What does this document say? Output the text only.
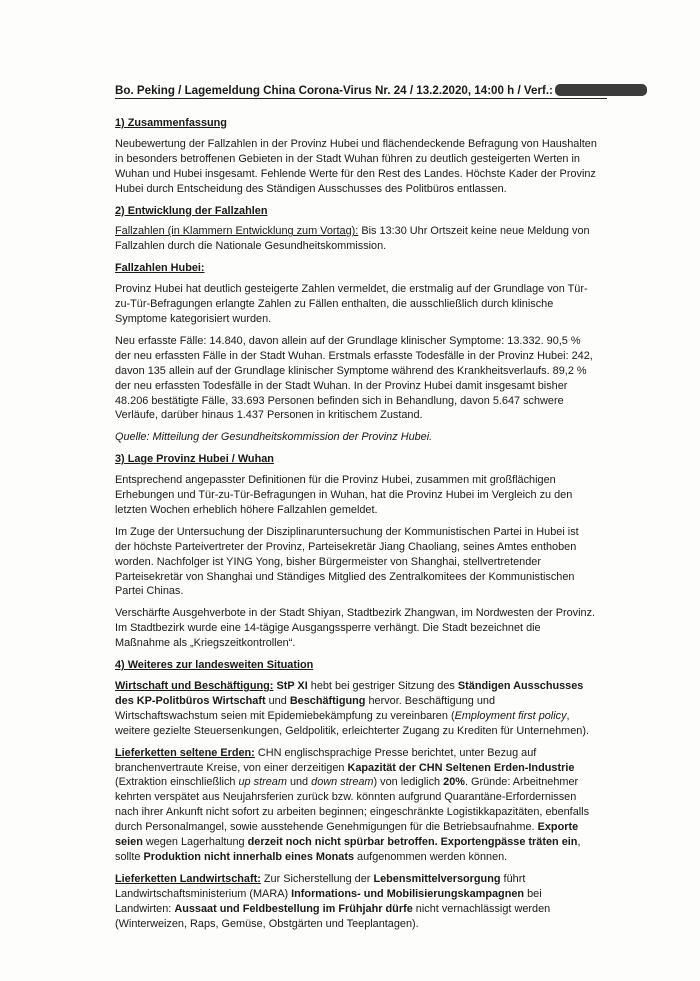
Bo. Peking / Lagemeldung China Corona-Virus Nr. 24 / 13.2.2020, 14:00 h / Verf.:
1) Zusammenfassung
Neubewertung der Fallzahlen in der Provinz Hubei und flächendeckende Befragung von Haushalten in besonders betroffenen Gebieten in der Stadt Wuhan führen zu deutlich gesteigerten Werten in Wuhan und Hubei insgesamt. Fehlende Werte für den Rest des Landes. Höchste Kader der Provinz Hubei durch Entscheidung des Ständigen Ausschusses des Politbüros entlassen.
2) Entwicklung der Fallzahlen
Fallzahlen (in Klammern Entwicklung zum Vortag): Bis 13:30 Uhr Ortszeit keine neue Meldung von Fallzahlen durch die Nationale Gesundheitskommission.
Fallzahlen Hubei:
Provinz Hubei hat deutlich gesteigerte Zahlen vermeldet, die erstmalig auf der Grundlage von Tür-zu-Tür-Befragungen erlangte Zahlen zu Fällen enthalten, die ausschließlich durch klinische Symptome kategorisiert wurden.
Neu erfasste Fälle: 14.840, davon allein auf der Grundlage klinischer Symptome: 13.332. 90,5 % der neu erfassten Fälle in der Stadt Wuhan. Erstmals erfasste Todesfälle in der Provinz Hubei: 242, davon 135 allein auf der Grundlage klinischer Symptome während des Krankheitsverlaufs. 89,2 % der neu erfassten Todesfälle in der Stadt Wuhan. In der Provinz Hubei damit insgesamt bisher 48.206 bestätigte Fälle, 33.693 Personen befinden sich in Behandlung, davon 5.647 schwere Verläufe, darüber hinaus 1.437 Personen in kritischem Zustand.
Quelle: Mitteilung der Gesundheitskommission der Provinz Hubei.
3) Lage Provinz Hubei / Wuhan
Entsprechend angepasster Definitionen für die Provinz Hubei, zusammen mit großflächigen Erhebungen und Tür-zu-Tür-Befragungen in Wuhan, hat die Provinz Hubei im Vergleich zu den letzten Wochen erheblich höhere Fallzahlen gemeldet.
Im Zuge der Untersuchung der Disziplinaruntersuchung der Kommunistischen Partei in Hubei ist der höchste Parteivertreter der Provinz, Parteisekretär Jiang Chaoliang, seines Amtes enthoben worden. Nachfolger ist YING Yong, bisher Bürgermeister von Shanghai, stellvertretender Parteisekretär von Shanghai und Ständiges Mitglied des Zentralkomitees der Kommunistischen Partei Chinas.
Verschärfte Ausgehverbote in der Stadt Shiyan, Stadtbezirk Zhangwan, im Nordwesten der Provinz. Im Stadtbezirk wurde eine 14-tägige Ausgangssperre verhängt. Die Stadt bezeichnet die Maßnahme als „Kriegszeitkontrollen“.
4) Weiteres zur landesweiten Situation
Wirtschaft und Beschäftigung: StP XI hebt bei gestriger Sitzung des Ständigen Ausschusses des KP-Politbüros Wirtschaft und Beschäftigung hervor. Beschäftigung und Wirtschaftswachstum seien mit Epidemiebekämpfung zu vereinbaren (Employment first policy, weitere gezielte Steuersenkungen, Geldpolitik, erleichterter Zugang zu Krediten für Unternehmen).
Lieferketten seltene Erden: CHN englischsprachige Presse berichtet, unter Bezug auf branchenvertraute Kreise, von einer derzeitigen Kapazität der CHN Seltenen Erden-Industrie (Extraktion einschließlich up stream und down stream) von lediglich 20%. Gründe: Arbeitnehmer kehrten verspätet aus Neujahrsferien zurück bzw. könnten aufgrund Quarantäne-Erfordernissen nach ihrer Ankunft nicht sofort zu arbeiten beginnen; eingeschränkte Logistikkapazitäten, ebenfalls durch Personalmangel, sowie ausstehende Genehmigungen für die Betriebsaufnahme. Exporte seien wegen Lagerhaltung derzeit noch nicht spürbar betroffen. Exportengpässe träten ein, sollte Produktion nicht innerhalb eines Monats aufgenommen werden können.
Lieferketten Landwirtschaft: Zur Sicherstellung der Lebensmittelversorgung führt Landwirtschaftsministerium (MARA) Informations- und Mobilisierungskampagnen bei Landwirten: Aussaat und Feldbestellung im Frühjahr dürfe nicht vernachlässigt werden (Winterweizen, Raps, Gemüse, Obstgärten und Teeplantagen).
